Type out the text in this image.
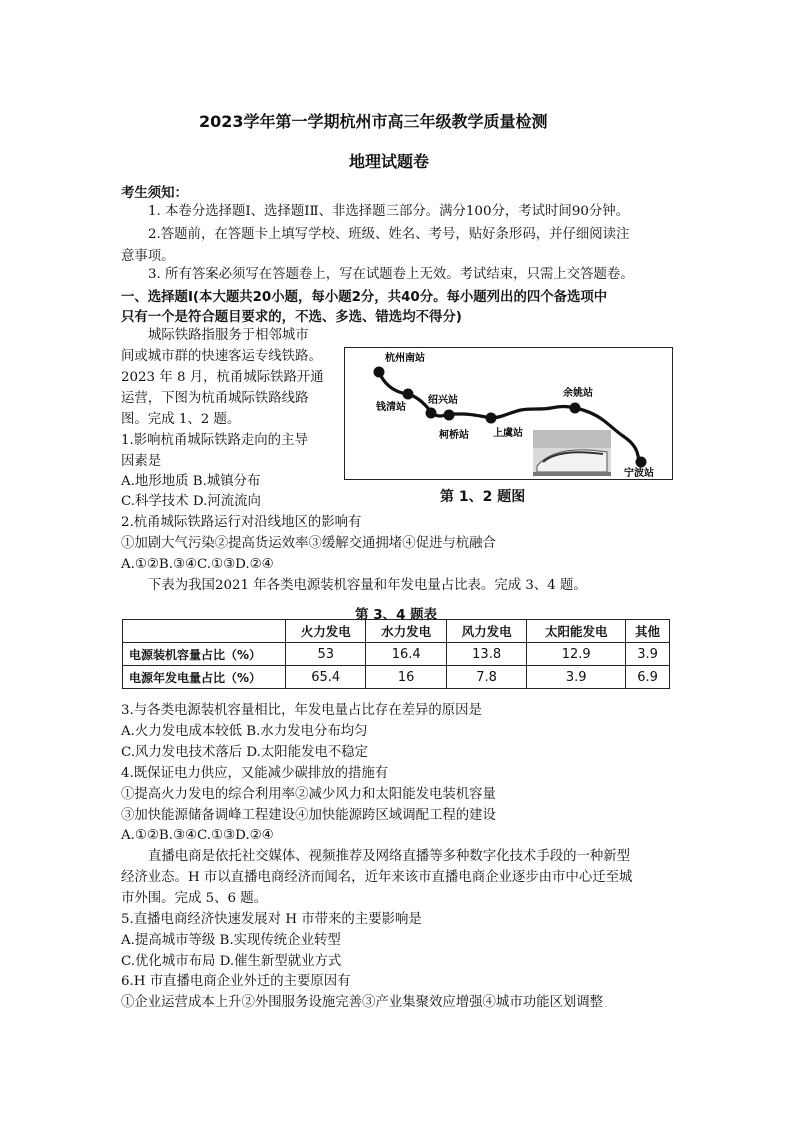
2023学年第一学期杭州市高三年级教学质量检测
地理试题卷
考生须知：
1. 本卷分选择题Ⅰ、选择题ⅠⅡ、非选择题三部分。满分100分，考试时间90分钟。
2.答题前，在答题卡上填写学校、班级、姓名、考号，贴好条形码，并仔细阅读注
意事项。
3. 所有答案必须写在答题卷上，写在试题卷上无效。考试结束，只需上交答题卷。
一、选择题Ⅰ(本大题共20小题，每小题2分，共40分。每小题列出的四个备选项中
只有一个是符合题目要求的，不选、多选、错选均不得分)
城际铁路指服务于相邻城市
间或城市群的快速客运专线铁路。
2023 年 8 月，杭甬城际铁路开通
运营，下图为杭甬城际铁路线路
图。完成 1、2 题。
1.影响杭甬城际铁路走向的主导
因素是
A.地形地质 B.城镇分布
C.科学技术 D.河流流向
杭州南站
钱清站
绍兴站
柯桥站 上虞站
余姚站
宁波站
第 1、2 题图
2.杭甬城际铁路运行对沿线地区的影响有
①加剧大气污染②提高货运效率③缓解交通拥堵④促进与杭融合
A.①②B.③④C.①③D.②④
下表为我国2021 年各类电源装机容量和年发电量占比表。完成 3、4 题。
第 3、4 题表
	火力发电	水力发电	风力发电	太阳能发电	其他
电源装机容量占比（%）	53	16.4	13.8	12.9	3.9
电源年发电量占比（%）	65.4	16	7.8	3.9	6.9
3.与各类电源装机容量相比，年发电量占比存在差异的原因是
A.火力发电成本较低 B.水力发电分布均匀
C.风力发电技术落后 D.太阳能发电不稳定
4.既保证电力供应，又能减少碳排放的措施有
①提高火力发电的综合利用率②减少风力和太阳能发电装机容量
③加快能源储备调峰工程建设④加快能源跨区域调配工程的建设
A.①②B.③④C.①③D.②④
直播电商是依托社交媒体、视频推荐及网络直播等多种数字化技术手段的一种新型
经济业态。H 市以直播电商经济而闻名，近年来该市直播电商企业逐步由市中心迁至城
市外围。完成 5、6 题。
5.直播电商经济快速发展对 H 市带来的主要影响是
A.提高城市等级 B.实现传统企业转型
C.优化城市布局 D.催生新型就业方式
6.H 市直播电商企业外迁的主要原因有
①企业运营成本上升②外围服务设施完善③产业集聚效应增强④城市功能区划调整
